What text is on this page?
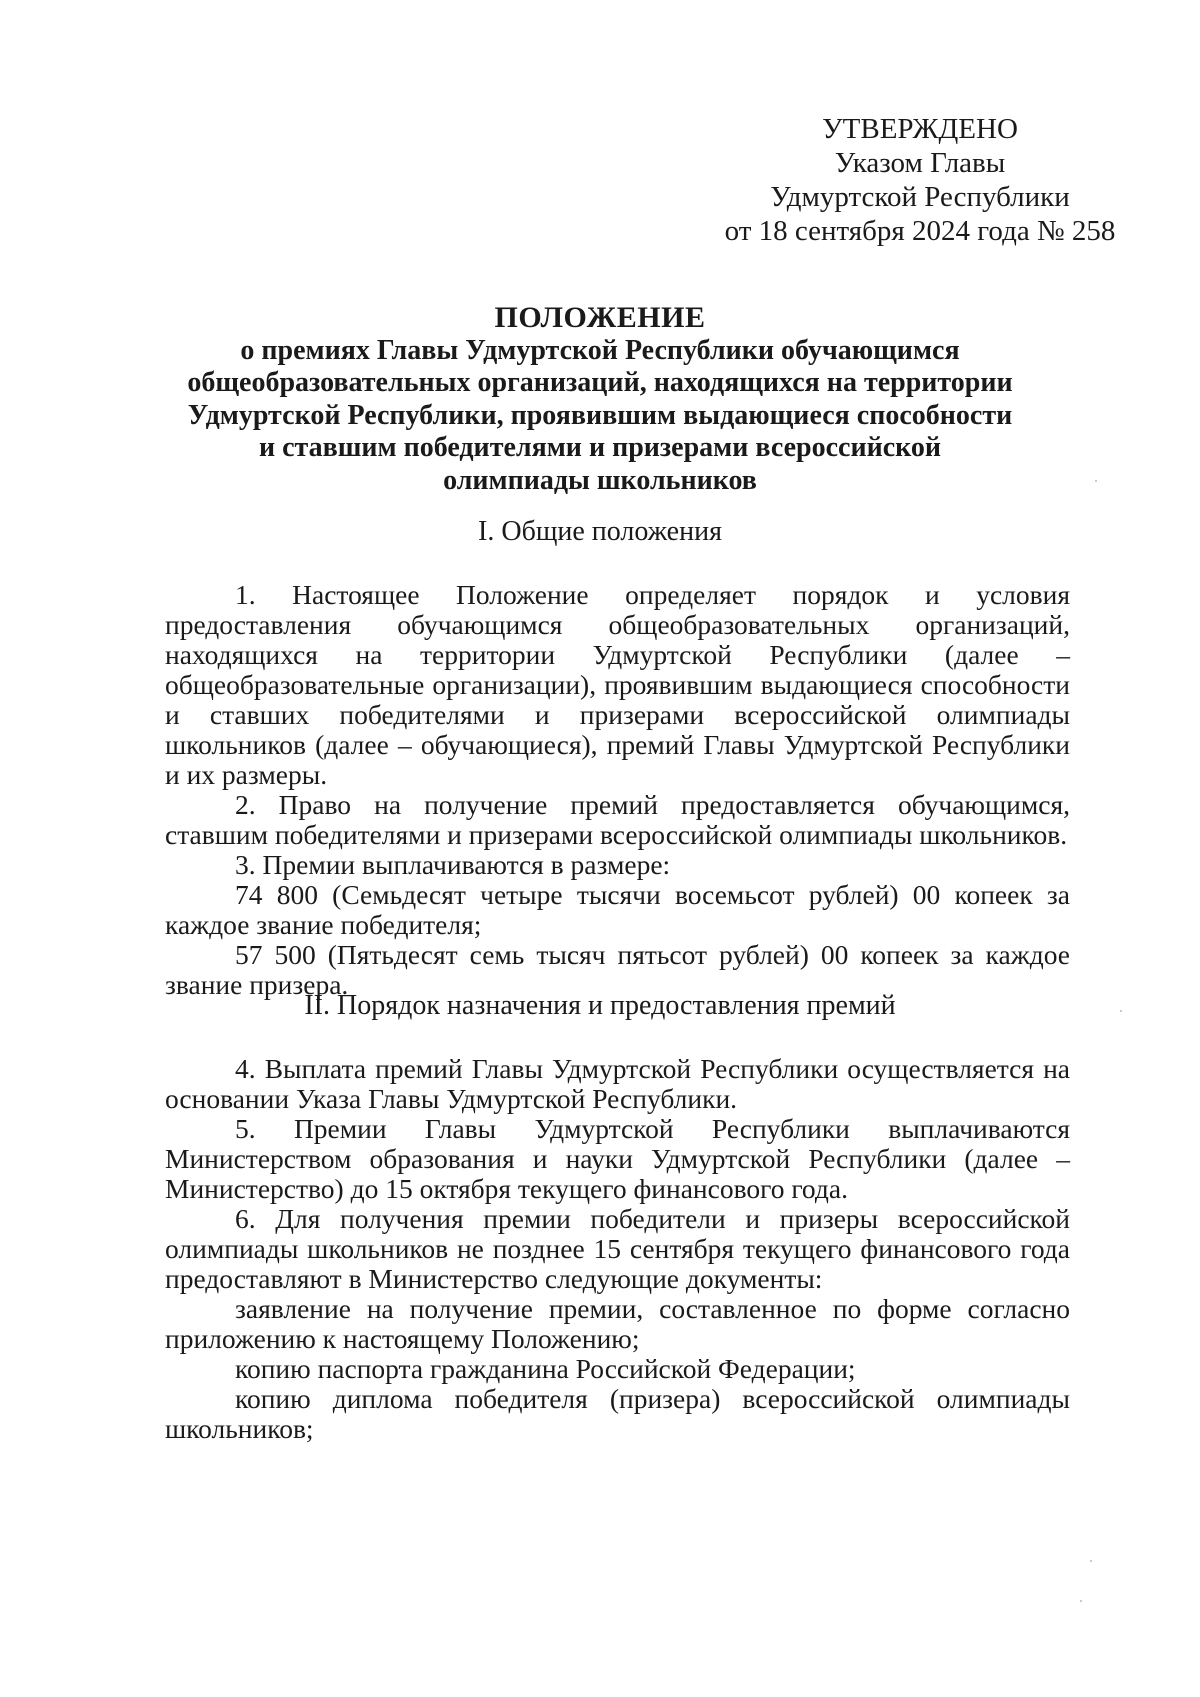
УТВЕРЖДЕНО
Указом Главы
Удмуртской Республики
от 18 сентября 2024 года № 258
ПОЛОЖЕНИЕ
о премиях Главы Удмуртской Республики обучающимся
общеобразовательных организаций, находящихся на территории
Удмуртской Республики, проявившим выдающиеся способности
и ставшим победителями и призерами всероссийской
олимпиады школьников
I. Общие положения

1. Настоящее Положение определяет порядок и условия предоставления обучающимся общеобразовательных организаций, находящихся на территории Удмуртской Республики (далее – общеобразовательные организации), проявившим выдающиеся способности и ставших победителями и призерами всероссийской олимпиады школьников (далее – обучающиеся), премий Главы Удмуртской Республики и их размеры.

2. Право на получение премий предоставляется обучающимся, ставшим победителями и призерами всероссийской олимпиады школьников.

3. Премии выплачиваются в размере:

74 800 (Семьдесят четыре тысячи восемьсот рублей) 00 копеек за каждое звание победителя;

57 500 (Пятьдесят семь тысяч пятьсот рублей) 00 копеек за каждое звание призера.

II. Порядок назначения и предоставления премий

4. Выплата премий Главы Удмуртской Республики осуществляется на основании Указа Главы Удмуртской Республики.

5. Премии Главы Удмуртской Республики выплачиваются Министерством образования и науки Удмуртской Республики (далее – Министерство) до 15 октября текущего финансового года.

6. Для получения премии победители и призеры всероссийской олимпиады школьников не позднее 15 сентября текущего финансового года предоставляют в Министерство следующие документы:

заявление на получение премии, составленное по форме согласно приложению к настоящему Положению;

копию паспорта гражданина Российской Федерации;

копию диплома победителя (призера) всероссийской олимпиады школьников;
